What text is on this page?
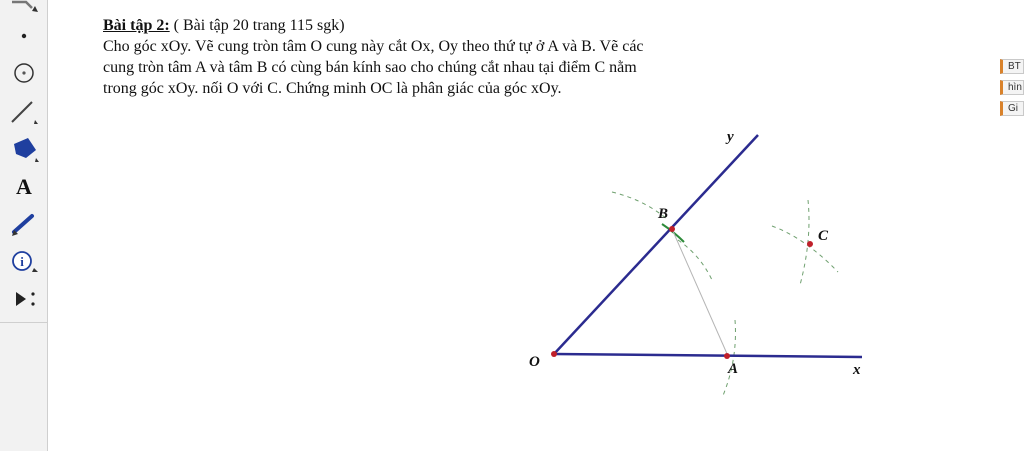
A
i
Bài tập 2: ( Bài tập 20 trang 115 sgk)
Cho góc xOy. Vẽ cung tròn tâm O cung này cắt Ox, Oy theo thứ tự ở A và B. Vẽ các
cung tròn tâm A và tâm B có cùng bán kính sao cho chúng cắt nhau tại điểm C nằm
trong góc xOy. nối O với C. Chứng minh OC là phân giác của góc xOy.
BT
hìn
Gi
O	A
B
C
x
y
